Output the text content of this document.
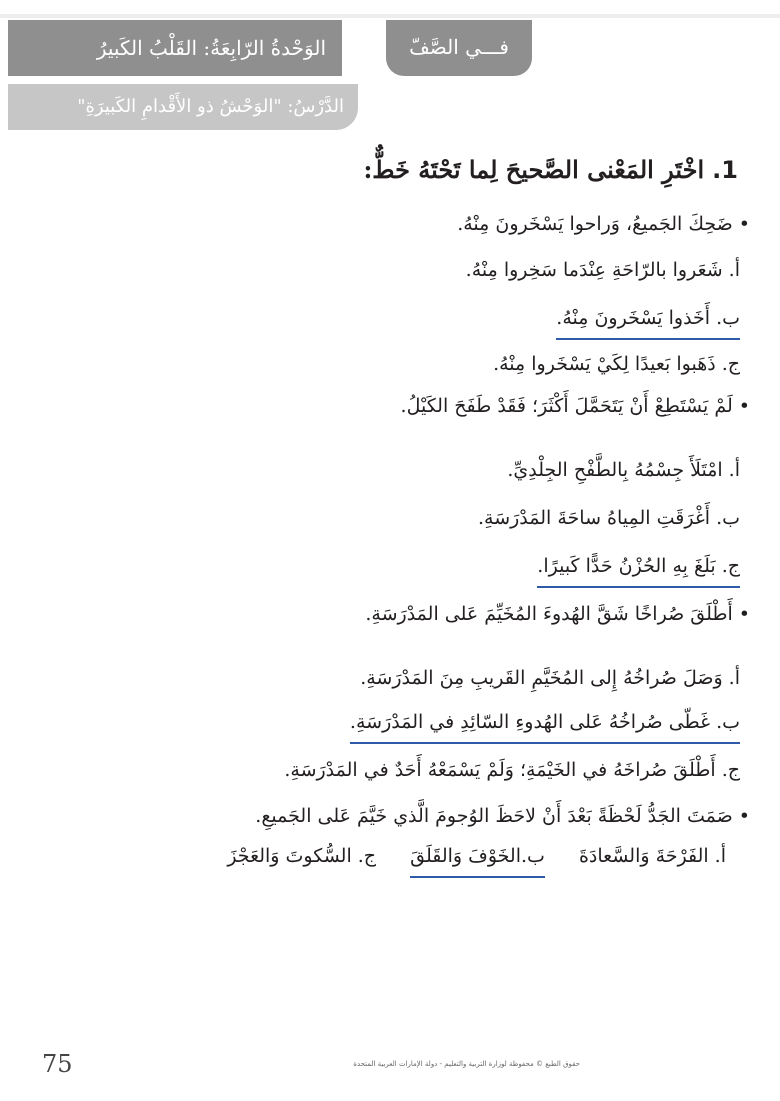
الوَحْدةُ الرّابِعَةُ: القَلْبُ الكَبيرُ	فـــي الصَّفّ
الدَّرْسُ: "الوَحْشُ ذو الأَقْدامِ الكَبيرَةِ"
1.اخْتَرِ المَعْنى الصَّحيحَ لِما تَحْتَهُ خَطٌّ:
•ضَحِكَ الجَميعُ، وَراحوا يَسْخَرونَ مِنْهُ.
أ.شَعَروا بالرّاحَةِ عِنْدَما سَخِروا مِنْهُ.
ب.أَخَذوا يَسْخَرونَ مِنْهُ.
ج.ذَهَبوا بَعيدًا لِكَيْ يَسْخَروا مِنْهُ.
•لَمْ يَسْتَطِعْ أَنْ يَتَحَمَّلَ أَكْثَرَ؛ فَقَدْ طَفَحَ الكَيْلُ.
أ.امْتَلَأَ جِسْمُهُ بِالطَّفْحِ الجِلْدِيِّ.
ب.أَغْرَقَتِ المِياهُ ساحَةَ المَدْرَسَةِ.
ج.بَلَغَ بِهِ الحُزْنُ حَدًّا كَبيرًا.
•أَطْلَقَ صُراخًا شَقَّ الهُدوءَ المُخَيِّمَ عَلى المَدْرَسَةِ.
أ.وَصَلَ صُراخُهُ إِلى المُخَيَّمِ القَريبِ مِنَ المَدْرَسَةِ.
ب.غَطّى صُراخُهُ عَلى الهُدوءِ السّائِدِ في المَدْرَسَةِ.
ج.أَطْلَقَ صُراخَهُ في الخَيْمَةِ؛ وَلَمْ يَسْمَعْهُ أَحَدٌ في المَدْرَسَةِ.
•صَمَتَ الجَدُّ لَحْظَةً بَعْدَ أَنْ لاحَظَ الوُجومَ الَّذي خَيَّمَ عَلى الجَميعِ.
أ.الفَرْحَةَ وَالسَّعادَةَ ب.الخَوْفَ وَالقَلَقَ ج.السُّكوتَ وَالعَجْزَ
75	حقوق الطبع © محفوظة لوزارة التربية والتعليم - دولة الإمارات العربية المتحدة
